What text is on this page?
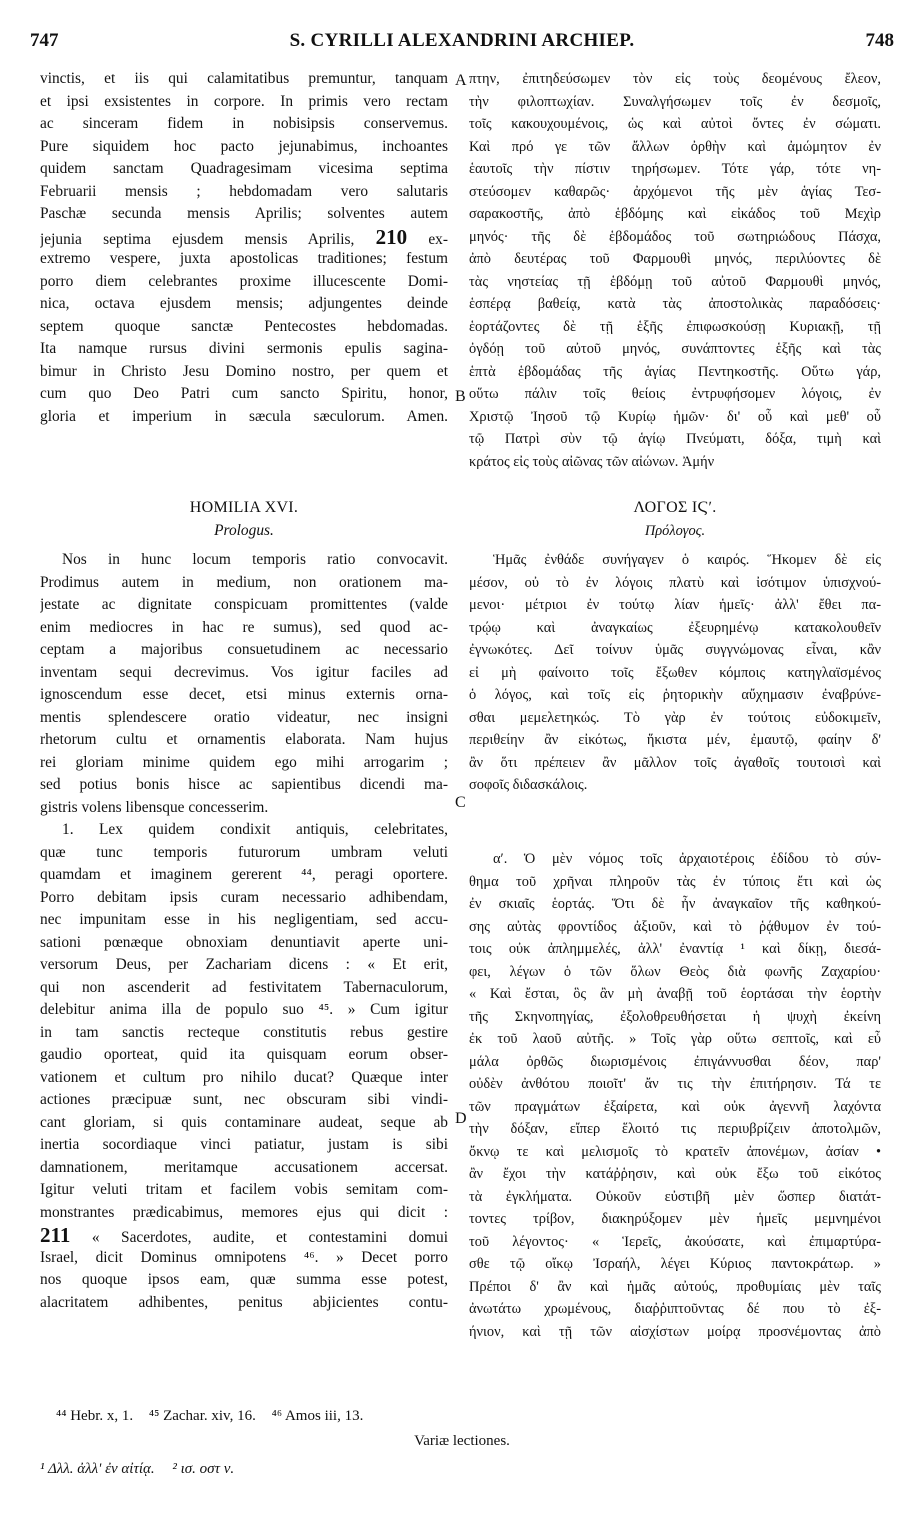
747	S. CYRILLI ALEXANDRINI ARCHIEP.	748
A
B
C
D
vinctis, et iis qui calamitatibus premuntur, tanquam
et ipsi exsistentes in corpore. In primis vero rectam
ac sinceram fidem in nobisipsis conservemus.
Pure siquidem hoc pacto jejunabimus, inchoantes
quidem sanctam Quadragesimam vicesima septima
Februarii mensis ; hebdomadam vero salutaris
Paschæ secunda mensis Aprilis; solventes autem
jejunia septima ejusdem mensis Aprilis, 210 ex-
extremo vespere, juxta apostolicas traditiones; festum
porro diem celebrantes proxime illucescente Domi-
nica, octava ejusdem mensis; adjungentes deinde
septem quoque sanctæ Pentecostes hebdomadas.
Ita namque rursus divini sermonis epulis sagina-
bimur in Christo Jesu Domino nostro, per quem et
cum quo Deo Patri cum sancto Spiritu, honor,
gloria et imperium in sæcula sæculorum. Amen.
HOMILIA XVI.
Prologus.
Nos in hunc locum temporis ratio convocavit.
Prodimus autem in medium, non orationem ma-
jestate ac dignitate conspicuam promittentes (valde
enim mediocres in hac re sumus), sed quod ac-
ceptam a majoribus consuetudinem ac necessario
inventam sequi decrevimus. Vos igitur faciles ad
ignoscendum esse decet, etsi minus externis orna-
mentis splendescere oratio videatur, nec insigni
rhetorum cultu et ornamentis elaborata. Nam hujus
rei gloriam minime quidem ego mihi arrogarim ;
sed potius bonis hisce ac sapientibus dicendi ma-
gistris volens libensque concesserim.
1. Lex quidem condixit antiquis, celebritates,
quæ tunc temporis futurorum umbram veluti
quamdam et imaginem gererent ⁴⁴, peragi oportere.
Porro debitam ipsis curam necessario adhibendam,
nec impunitam esse in his negligentiam, sed accu-
sationi pœnæque obnoxiam denuntiavit aperte uni-
versorum Deus, per Zachariam dicens : « Et erit,
qui non ascenderit ad festivitatem Tabernaculorum,
delebitur anima illa de populo suo ⁴⁵. » Cum igitur
in tam sanctis recteque constitutis rebus gestire
gaudio oporteat, quid ita quisquam eorum obser-
vationem et cultum pro nihilo ducat? Quæque inter
actiones præcipuæ sunt, nec obscuram sibi vindi-
cant gloriam, si quis contaminare audeat, seque ab
inertia socordiaque vinci patiatur, justam is sibi
damnationem, meritamque accusationem accersat.
Igitur veluti tritam et facilem vobis semitam com-
monstrantes prædicabimus, memores ejus qui dicit :
211 « Sacerdotes, audite, et contestamini domui
Israel, dicit Dominus omnipotens ⁴⁶. » Decet porro
nos quoque ipsos eam, quæ summa esse potest,
alacritatem adhibentes, penitus abjicientes contu-
πτην, ἐπιτηδεύσωμεν τὸν εἰς τοὺς δεομένους ἔλεον,
τὴν φιλοπτωχίαν. Συναλγήσωμεν τοῖς ἐν δεσμοῖς,
τοῖς κακουχουμένοις, ὡς καὶ αὐτοὶ ὄντες ἐν σώματι.
Καὶ πρό γε τῶν ἄλλων ὀρθὴν καὶ ἀμώμητον ἐν
ἑαυτοῖς τὴν πίστιν τηρήσωμεν. Τότε γάρ, τότε νη-
στεύσομεν καθαρῶς· ἀρχόμενοι τῆς μὲν ἁγίας Τεσ-
σαρακοστῆς, ἀπὸ ἑβδόμης καὶ εἰκάδος τοῦ Μεχὶρ
μηνός· τῆς δὲ ἑβδομάδος τοῦ σωτηριώδους Πάσχα,
ἀπὸ δευτέρας τοῦ Φαρμουθὶ μηνός, περιλύοντες δὲ
τὰς νηστείας τῇ ἑβδόμῃ τοῦ αὐτοῦ Φαρμουθὶ μηνός,
ἑσπέρᾳ βαθείᾳ, κατὰ τὰς ἀποστολικὰς παραδόσεις·
ἑορτάζοντες δὲ τῇ ἑξῆς ἐπιφωσκούσῃ Κυριακῇ, τῇ
ὀγδόῃ τοῦ αὐτοῦ μηνός, συνάπτοντες ἑξῆς καὶ τὰς
ἑπτὰ ἑβδομάδας τῆς ἁγίας Πεντηκοστῆς. Οὕτω γάρ,
οὕτω πάλιν τοῖς θείοις ἐντρυφήσομεν λόγοις, ἐν
Χριστῷ Ἰησοῦ τῷ Κυρίῳ ἡμῶν· δι' οὗ καὶ μεθ' οὗ
τῷ Πατρὶ σὺν τῷ ἁγίῳ Πνεύματι, δόξα, τιμὴ καὶ
κράτος εἰς τοὺς αἰῶνας τῶν αἰώνων. Ἀμήν
ΛΟΓΟΣ ΙϚʹ.
Πρόλογος.
Ἡμᾶς ἐνθάδε συνήγαγεν ὁ καιρός. Ἥκομεν δὲ εἰς
μέσον, οὐ τὸ ἐν λόγοις πλατὺ καὶ ἰσότιμον ὑπισχνού-
μενοι· μέτριοι ἐν τούτῳ λίαν ἡμεῖς· ἀλλ' ἔθει πα-
τρῴῳ καὶ ἀναγκαίως ἐξευρημένῳ κατακολουθεῖν
ἐγνωκότες. Δεῖ τοίνυν ὑμᾶς συγγνώμονας εἶναι, κἂν
εἰ μὴ φαίνοιτο τοῖς ἔξωθεν κόμποις κατηγλαϊσμένος
ὁ λόγος, καὶ τοῖς εἰς ῥητορικὴν αὔχημασιν ἐναβρύνε-
σθαι μεμελετηκώς. Τὸ γὰρ ἐν τούτοις εὐδοκιμεῖν,
περιθείην ἂν εἰκότως, ἥκιστα μέν, ἐμαυτῷ, φαίην δ'
ἂν ὅτι πρέπειεν ἂν μᾶλλον τοῖς ἀγαθοῖς τουτοισὶ καὶ
σοφοῖς διδασκάλοις.
αʹ. Ὁ μὲν νόμος τοῖς ἀρχαιοτέροις ἐδίδου τὸ σύν-
θημα τοῦ χρῆναι πληροῦν τὰς ἐν τύποις ἔτι καὶ ὡς
ἐν σκιαῖς ἑορτάς. Ὅτι δὲ ἦν ἀναγκαῖον τῆς καθηκού-
σης αὐτὰς φροντίδος ἀξιοῦν, καὶ τὸ ῥᾴθυμον ἐν τού-
τοις οὐκ ἀπλημμελές, ἀλλ' ἐναντίᾳ ¹ καὶ δίκῃ, διεσά-
φει, λέγων ὁ τῶν ὅλων Θεὸς διὰ φωνῆς Ζαχαρίου·
« Καὶ ἔσται, ὃς ἂν μὴ ἀναβῇ τοῦ ἑορτάσαι τὴν ἑορτὴν
τῆς Σκηνοπηγίας, ἐξολοθρευθήσεται ἡ ψυχὴ ἐκείνη
ἐκ τοῦ λαοῦ αὐτῆς. » Τοῖς γὰρ οὕτω σεπτοῖς, καὶ εὖ
μάλα ὀρθῶς διωρισμένοις ἐπιγάννυσθαι δέον, παρ'
οὐδὲν ἀνθότου ποιοῖτ' ἄν τις τὴν ἐπιτήρησιν. Τά τε
τῶν πραγμάτων ἐξαίρετα, καὶ οὐκ ἀγεννῆ λαχόντα
τὴν δόξαν, εἴπερ ἕλοιτό τις περιυβρίζειν ἀποτολμῶν,
ὄκνῳ τε καὶ μελισμοῖς τὸ κρατεῖν ἀπονέμων, ἀσίαν •
ἂν ἔχοι τὴν κατάῤῥησιν, καὶ οὐκ ἔξω τοῦ εἰκότος
τὰ ἐγκλήματα. Οὐκοῦν εὐστιβῆ μὲν ὥσπερ διατάτ-
τοντες τρίβον, διακηρύξομεν μὲν ἡμεῖς μεμνημένοι
τοῦ λέγοντος· « Ἱερεῖς, ἀκούσατε, καὶ ἐπιμαρτύρα-
σθε τῷ οἴκῳ Ἰσραήλ, λέγει Κύριος παντοκράτωρ. »
Πρέποι δ' ἂν καὶ ἡμᾶς αὐτούς, προθυμίαις μὲν ταῖς
ἀνωτάτω χρωμένους, διαῤῥιπτοῦντας δέ που τὸ ἐξ-
ήνιον, καὶ τῇ τῶν αἰσχίστων μοίρᾳ προσνέμοντας ἀπὸ
⁴⁴ Hebr. x, 1. ⁴⁵ Zachar. xiv, 16. ⁴⁶ Amos iii, 13.
Variæ lectiones.
¹ Δλλ. ἀλλ' ἐν αἰτίᾳ. ² ισ. οστ ν.
